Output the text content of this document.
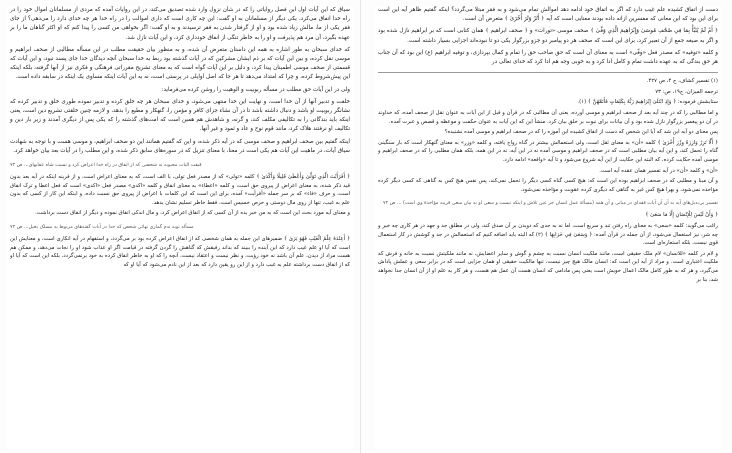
دست از اتفاق کشیده علم غیب دارد که اگر به اتفاق خود ادامه دهد اموالش تمام می‌شود و به فقر مبتلا می‌گردد؟ اینکه گفتیم ظاهر آیه این است برای این بود که این معانی که مفسرین ازانه داده بودند معنایی است که آیه ﴿ أَتُرْ وَتْرَ أُخْرَىٰ ﴾ متعرض آن است.

﴿ أَمْ لَمْ يُنَبَّأْ بِمَا فِي صُحُفِ مُوسَىٰ وَإِبْرَاهِيمَ الَّذِي وَفَّىٰ ﴾ صحف موسی «تورات» و ﴿ صحف ابراهیم ﴾ همان کتابی است که بر ابراهیم نازل شده بود و اگر به صیغه جمع از آن تعبیر کرد، برای این است که صحف هر دو پیامبر دو جزو بزرگوار یکی دو تا نبوده‌اند اجزایی بسیار داشته است.

و کلمه «توفیه» که مصدر فعل «وفّی» است به معنای آن است که حق صاحب حق را تمام و کمال بپردازی، و توفیه ابراهیم (ع) این بود که آن جناب هر حق بندگی که به عهده داشت تمام و کامل ادا کرد و به خوبی وجه هم ادا کرد که خدای تعالی در

(۱) تفسیر کشاف، ج ۴، ص ۴۲۷.

ترجمه المیزان، ج۱۹، ص: ۷۳

ستایشش فرموده: ﴿ وَإِذِ ابْتَلَىٰ إِبْرَاهِيمَ رَبُّهُ بِكَلِمَاتٍ فَأَتَمَّهُنَّ ﴾ (۱).

و اما مطالبی را که در چند آیه بعد از صحف ابراهیم و موسی آورده، یعنی آن مطالبی که در قرآن و قبل از این آیات به عنوان نقل از صحف آمده، که خداوند در آن دو پیغمبر بزرگوار نازل شده بود و آن بیانات برای نبوت بر خلق بیان کرد. منشأ این که این آیات به عنوان حکمت و موعظه و قصص و عبرت آمده.

پس معنای دو آیه این شد که آیا این شخص که دست از انفاق کشیده این آموزه را که در صحف ابراهیم و موسی آمده نشنیده؟

﴿ أَلَّا تَزِرُ وَازِرَةٌ وِزْرَ أُخْرَىٰ ﴾ کلمه «أن» به معنای ثقل است، ولی استعمالش بیشتر در گناه رواج یافته، و کلمه «وزر» به معنای گنهکار است که بار سنگینی گناه را تحمل کند، و این آیه بیان مطلبی است که در صحف ابراهیم و موسی آمده نه در این آیه، نه در این همه، بلکه همان مطلبی را که در صحف ابراهیم و موسی آمده حکایت کرده، که البته این حکایت از این آیه شروع می‌شود و تا آیه «واقعه» ادامه دارد.

«أن» و کلمه «أن» در آیه تفسیر همان عقده آیه است.

و آن مبنا و مطلبی که در صحف ابراهیم بوده این است که: هیچ کسی گناه کسی دیگر را تحمل نمی‌کند، پس نفس هیچ کس به گناهی که کسی دیگر کرده مؤاخذه نمی‌شود، و بهرا هیچ کس غیر به گناهی که دیگری کرده عقوبت و مؤاخذه نمی‌شود.

تفسیر بی‌بدیل‌های آیه به آن آن آیات فقه‌ای در مبانی و آن همه (مسألۀ عمل انسان جز عین تلاش و اینکه نیست و سعی او به بیان سعی قریبه مؤاخذۀ وی است) ... ص ۷۴

﴿ وَأَنْ لَيْسَ لِلْإِنْسَانِ إِلَّا مَا سَعَىٰ ﴾

راغب می‌گوید: کلمه «سعی» به معنای راه رفتن تند و سریع است، اما نه به حدی که دویدن بر آن صدق کند، ولی در مطلق جد و جهد در هر کاری چه خیر و چه شر، نیز استعمال می‌شود، از آن جمله در قرآن آمده: ﴿ وَسَعَىٰ فِي خَرَابِهَا ﴾ (۲) که البته باید اضافه کنیم که استعمالش در جد و کوشش در کار استعمال قوی نیست، بلکه استعاره‌ای است.

و لام در کلمه «للانسان» لام ملک حقیقی است، مانند ملکیت انسان نسبت به چشم و گوش و سایر اعضایش، نه مانند ملکیتش نسبت به خانه و فرش که ملکیت اعتباری است. و مراد از آیه این است که: انسان مالک هیچ چیز نیست، تنها مالکیت حقیقی او همان جزایی است که در برابر سعی و عملش پاداش می‌گیرد، و هر که به طور کامل مالک اعمال خویش است یعنی پس مادامی که انسان هست آن عمل هم هست، و هر کار به علم او از آن انسان جدا نخواهد شد، بنا بر

سیاق که این آیات اول این فصل روایاتی را که در شأن نزول وارد شده تصدیق می‌کند، در این روایات آمده که مردی از مسلمانان اموال خود را در راه خدا انفاق می‌کرد، یکی دیگر از مسلمانان به او گفت: این چه کاری است که داری اموالت را در راه خدا هر چه خدای دارد را می‌دهی؟ از جای فقر یکی از ما، مالش زیاد شده بود و او از گرفتار شدن به فقر ترسیدند و به او گفت: اگر بخواهی من کسی را پیدا کنم که او اکثر گناهان ما را بر عهده بگیرد، آن مرد هم پذیرفت و او را به خاطر تنگی از انفاق خودداری کرد، و این آیات نازل شد.

که خدای سبحان به طور اشاره به همه این داستان متعرض آن شده، و به منظور بیان حقیقت مطلب در این مسأله مطالبی از صحف ابراهیم و موسی نقل کرده، و بین این آیات که بر ذم ایشان مشرکین که در آیات گذشته بود ربط به خدا سبحان آنچه دیدگان خدا جای پسند نبود، و این آیات که قسمتی از صحف موسی اطمینان پیدا کرد، و دلیل بر این آیات گواه است که به معنای تشریح مقرراتی فرهنگی و فکری نیز از آنها گرفته، بلکه اینکه این پیش‌شروط کرده، و چرا که امتداد می‌دهد تا هر جا که اصل اوایلی در پرستی است، نه به این آیات اینکه مساوی یک اینکه در سابقه داده است.

ولی در این آیات حق مطلب در مسأله ربوبیت و الوهیت را روشن کرده می‌فرماید:

خلقت و تدبیر آنها از آن خدا است، و نهایت این خدا منتهی می‌شود، و خدای سبحان هر چه خلق کرده و تدبیر نموده طوری خلق و تدبیر کرده که نشانگر ربوبیت او باشد و دنبال داشته باشد تا در آن نشاء جزای کافر و مؤمن را، گنهکار و مطیع را بدهد، و لازمه چنین خلقتی تشریع دین است، یعنی اینکه باید بندگانی را به تکالیفی مکلف کند، و گرنه، و شاهدش هم همین است که امت‌های گذشته را که یکی پس از دیگری آمدند و زیر بار دین و تکالیف او نرفتند هلاک کرد، مانند قوم نوح و عاد و ثمود و غیر آنها.

اینکه گفتیم بین صحف ابراهیم و صحف موسی که در آیه ذکر شده، و این که گفتیم همانند این دو صحف ابراهیم، و موسی هست و با توجه به شهادت سیاق آیات، در ماهیت این آیات هم یکی است در معنا، با معنای تنزیل که در سوره‌های سابق ذکر شده، و این مطلب را در آیات بعد بیان خواهد کرد.

قیقت الیات محبوبه به شخصی که از اتفاق در راه خدا اعراض کرد و تسبت شاه عقابهای... ص ۷۴

﴿ أَفَرَأَيْتَ الَّذِي تَوَلَّىٰ وَأَعْطَىٰ قَلِيلًا وَأَكْدَىٰ ﴾ کلمه «تولی» که از مصدر فعل تولی، با الف است، که به معنای اعراض است، و از قرینه اینکه در آیه بعد بدون قید ذکر شده، به معنای اعراض از پیروی حق است، و کلمه «اعطاء» به معنای انفاق و کلمه «اکدی» مصدر فعل «اکدی» است که فعل اعطا و ترک انفاق است، و حرف «فاء» که بر سر جمله «أفرأیت» آمده، برای این است که این کلمات با اعراض از پیروی حق نسبت داده، و اینکه این کار از کسی که بدون علم به غیب، تنها از روی مال دوستی و حرص خسیس است، فقط خاطر تسلیم نشان بدهد.

و معنای آیه مورد بحث این است که به من خبر بده از آن کسی که از انفاق اعراض کرد، و مال اندکی انفاق نموده و دیگر از انفاق دست برداشت.

مسأله توبه ندم گماری نهائی شخص که خدا در آیات گفته‌های مربوط به مسلک بخیل... ص ۷۴

﴿ أَعِنْدَهُ عِلْمُ الْغَيْبِ فَهُوَ يَرَىٰ ﴾ ضمیرهای این جمله به همان شخصی که از انفاق اعراض کرده بود بر می‌گردد، و استفهام در آیه انکاری است، و معنایش این است که آیا او علم غیب دارد که این آینده را ببیند که بداند رفیقش که گناهش را گردن گرفته در قیامت اگر او عذاب شود او را نجات می‌دهد، و ممکن هم هست مراد از دیدن، علم آن باشد نه خود رؤیت، و نظر نیست و اعتقاد نیست، آنچه را که او به خاطر انفاق کرده به خود برنمی‌گردد، بلکه این است که آیا او که از انفاق دست برداشته علم به غیب دارد و از این رو یقین دارد که بعد از این نادم می‌شود که آیا او که
